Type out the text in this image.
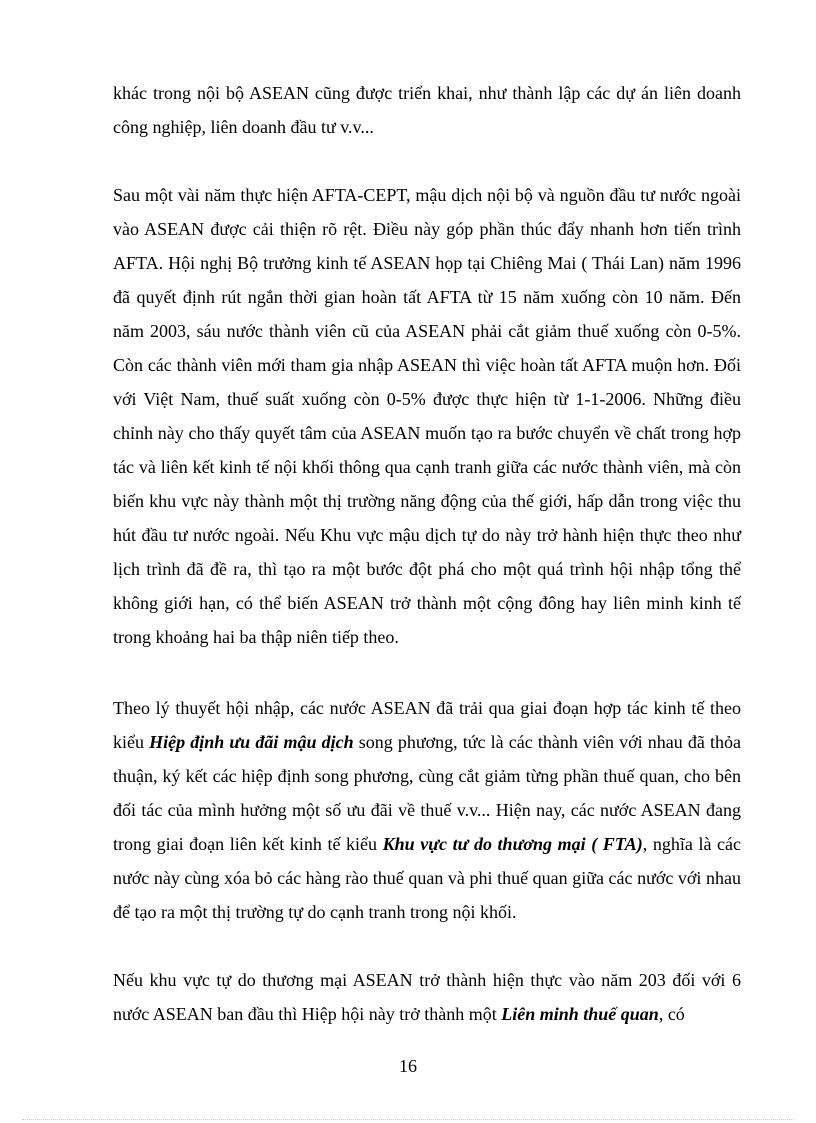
khác trong nội bộ ASEAN cũng được triển khai, như thành lập các dự án liên doanh công nghiệp, liên doanh đầu tư v.v...

Sau một vài năm thực hiện AFTA-CEPT, mậu dịch nội bộ và nguồn đầu tư nước ngoài vào ASEAN được cải thiện rõ rệt. Điều này góp phần thúc đẩy nhanh hơn tiến trình AFTA. Hội nghị Bộ trưởng kinh tế ASEAN họp tại Chiêng Mai ( Thái Lan) năm 1996 đã quyết định rút ngắn thời gian hoàn tất AFTA từ 15 năm xuống còn 10 năm. Đến năm 2003, sáu nước thành viên cũ của ASEAN phải cắt giảm thuế xuống còn 0-5%. Còn các thành viên mới tham gia nhập ASEAN thì việc hoàn tất AFTA muộn hơn. Đối với Việt Nam, thuế suất xuống còn 0-5% được thực hiện từ 1-1-2006. Những điều chỉnh này cho thấy quyết tâm của ASEAN muốn tạo ra bước chuyển về chất trong hợp tác và liên kết kinh tế nội khối thông qua cạnh tranh giữa các nước thành viên, mà còn biến khu vực này thành một thị trường năng động của thế giới, hấp dẫn trong việc thu hút đầu tư nước ngoài. Nếu Khu vực mậu dịch tự do này trở hành hiện thực theo như lịch trình đã đề ra, thì tạo ra một bước đột phá cho một quá trình hội nhập tổng thể không giới hạn, có thể biến ASEAN trở thành một cộng đông hay liên minh kinh tế trong khoảng hai ba thập niên tiếp theo.

Theo lý thuyết hội nhập, các nước ASEAN đã trải qua giai đoạn hợp tác kinh tế theo kiểu Hiệp định ưu đãi mậu dịch song phương, tức là các thành viên với nhau đã thỏa thuận, ký kết các hiệp định song phương, cùng cắt giảm từng phần thuế quan, cho bên đối tác của mình hưởng một số ưu đãi về thuế v.v... Hiện nay, các nước ASEAN đang trong giai đoạn liên kết kinh tế kiểu Khu vực tư do thương mại ( FTA), nghĩa là các nước này cùng xóa bỏ các hàng rào thuế quan và phi thuế quan giữa các nước với nhau để tạo ra một thị trường tự do cạnh tranh trong nội khối.

Nếu khu vực tự do thương mại ASEAN trở thành hiện thực vào năm 203 đối với 6 nước ASEAN ban đầu thì Hiệp hội này trở thành một Liên minh thuế quan, có

16
